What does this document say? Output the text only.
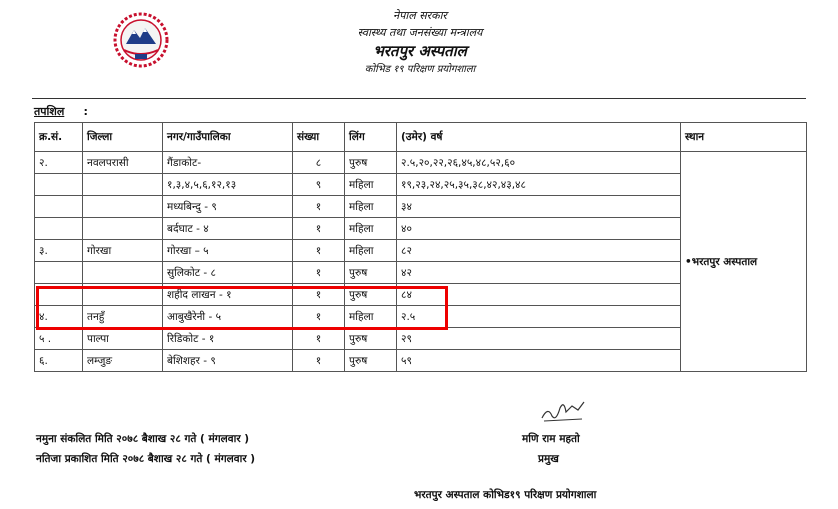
नेपाल सरकार
स्वास्थ्य तथा जनसंख्या मन्त्रालय
भरतपुर अस्पताल
कोभिड १९ परिक्षण प्रयोगशाला
तपशिल :
क्र.सं.	जिल्ला	नगर/गाउँपालिका	संख्या	लिंग	(उमेर) वर्ष	स्थान
२.	नवलपरासी	गैंडाकोट-	८	पुरुष	२.५,२०,२२,२६,४५,४८,५२,६०	•भरतपुर अस्पताल
		१,३,४,५,६,१२,१३	९	महिला	१९,२३,२४,२५,३५,३८,४२,४३,४८	
		मध्यबिन्दु - ९	१	महिला	३४	
		बर्दघाट - ४	१	महिला	४०	
३.	गोरखा	गोरखा – ५	१	महिला	८२	
		सुलिकोट - ८	१	पुरुष	४२	
		शहीद लाखन - १	१	पुरुष	८४	
४.	तनहुँ	आबुखैरेनी - ५	१	महिला	२.५	
५ .	पाल्पा	रिडिकोट - १	१	पुरुष	२९	
६.	लम्जुङ	बेशिशहर - ९	१	पुरुष	५९	
नमुना संकलित मिति २०७८ बैशाख २८ गते ( मंगलवार )
नतिजा प्रकाशित मिति २०७८ बैशाख २८ गते ( मंगलवार )
मणि राम महतो
प्रमुख
भरतपुर अस्पताल कोभिड१९ परिक्षण प्रयोगशाला
